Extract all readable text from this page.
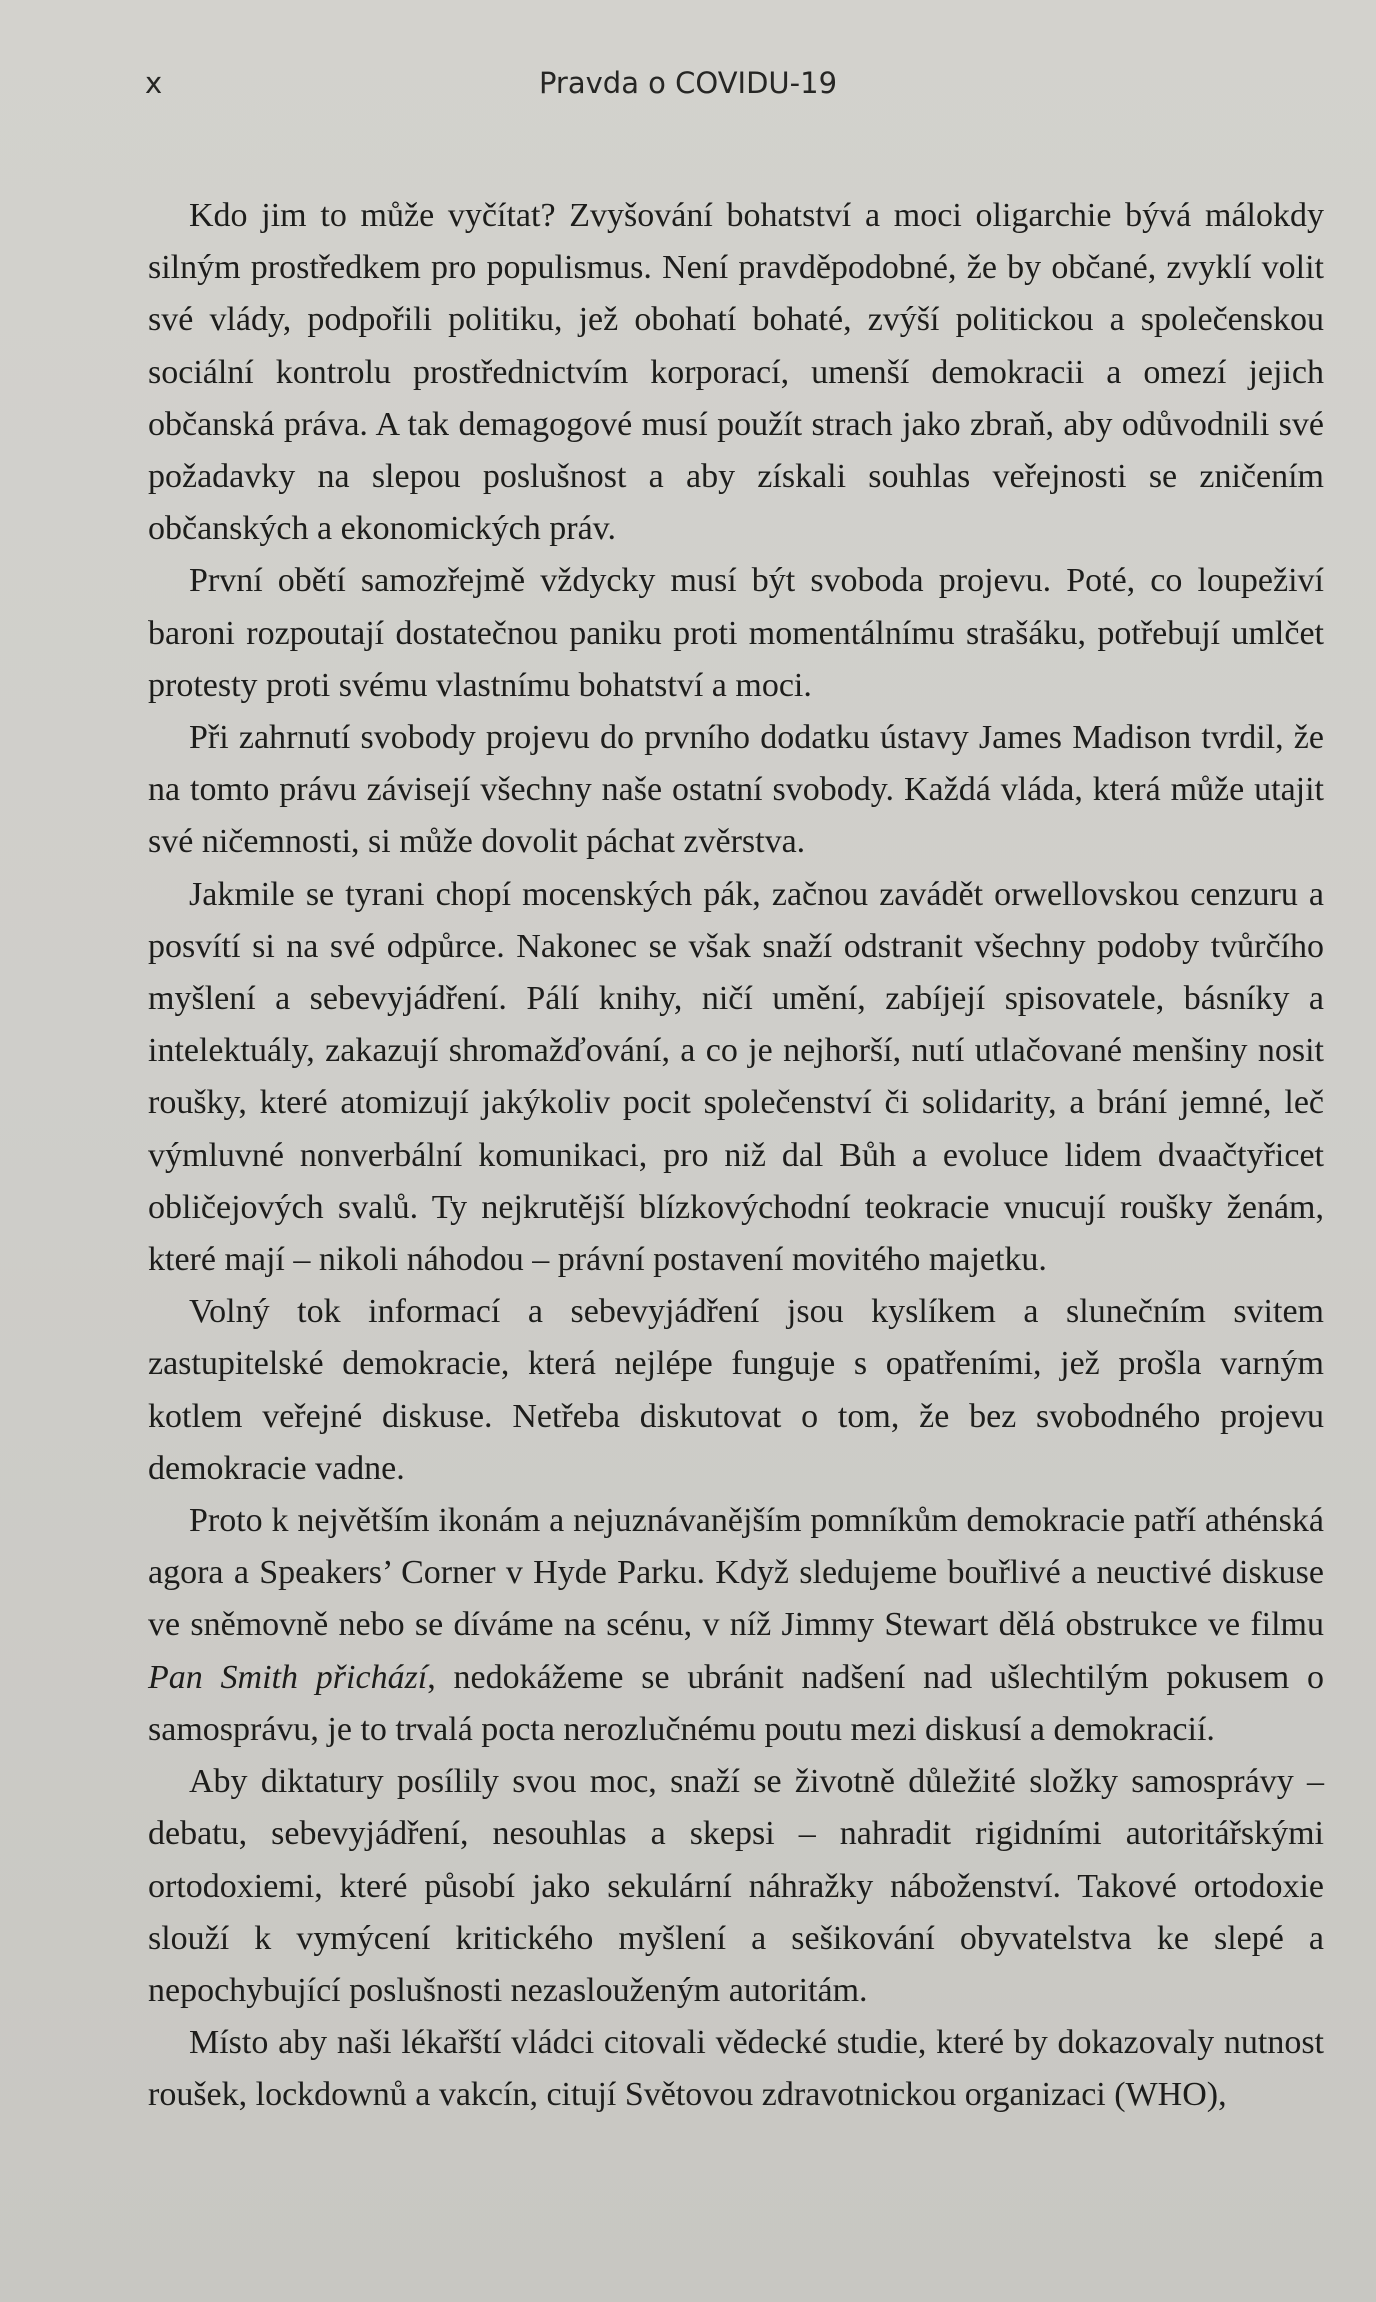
x	Pravda o COVIDU-19

Kdo jim to může vyčítat? Zvyšování bohatství a moci oligarchie bývá málokdy silným prostředkem pro populismus. Není pravděpodobné, že by občané, zvyklí volit své vlády, podpořili politiku, jež obohatí bohaté, zvýší politickou a společenskou sociální kontrolu prostřednictvím korporací, umenší demokracii a omezí jejich občanská práva. A tak demagogové musí použít strach jako zbraň, aby odůvodnili své požadavky na slepou poslušnost a aby získali souhlas veřejnosti se zničením občanských a ekonomických práv.

První obětí samozřejmě vždycky musí být svoboda projevu. Poté, co loupeživí baroni rozpoutají dostatečnou paniku proti momentálnímu strašáku, potřebují umlčet protesty proti svému vlastnímu bohatství a moci.

Při zahrnutí svobody projevu do prvního dodatku ústavy James Madison tvrdil, že na tomto právu závisejí všechny naše ostatní svobody. Každá vláda, která může utajit své ničemnosti, si může dovolit páchat zvěrstva.

Jakmile se tyrani chopí mocenských pák, začnou zavádět orwellovskou cenzuru a posvítí si na své odpůrce. Nakonec se však snaží odstranit všechny podoby tvůrčího myšlení a sebevyjádření. Pálí knihy, ničí umění, zabíjejí spisovatele, básníky a intelektuály, zakazují shromažďování, a co je nejhorší, nutí utlačované menšiny nosit roušky, které atomizují jakýkoliv pocit společenství či solidarity, a brání jemné, leč výmluvné nonverbální komunikaci, pro niž dal Bůh a evoluce lidem dvaačtyřicet obličejových svalů. Ty nejkrutější blízkovýchodní teokracie vnucují roušky ženám, které mají – nikoli náhodou – právní postavení movitého majetku.

Volný tok informací a sebevyjádření jsou kyslíkem a slunečním svitem zastupitelské demokracie, která nejlépe funguje s opatřeními, jež prošla varným kotlem veřejné diskuse. Netřeba diskutovat o tom, že bez svobodného projevu demokracie vadne.

Proto k největším ikonám a nejuznávanějším pomníkům demokracie patří athénská agora a Speakers’ Corner v Hyde Parku. Když sledujeme bouřlivé a neuctivé diskuse ve sněmovně nebo se díváme na scénu, v níž Jimmy Stewart dělá obstrukce ve filmu Pan Smith přichází, nedokážeme se ubránit nadšení nad ušlechtilým pokusem o samosprávu, je to trvalá pocta nerozlučnému poutu mezi diskusí a demokracií.

Aby diktatury posílily svou moc, snaží se životně důležité složky samosprávy – debatu, sebevyjádření, nesouhlas a skepsi – nahradit rigidními autoritářskými ortodoxiemi, které působí jako sekulární náhražky náboženství. Takové ortodoxie slouží k vymýcení kritického myšlení a sešikování obyvatelstva ke slepé a nepochybující poslušnosti nezaslouženým autoritám.

Místo aby naši lékařští vládci citovali vědecké studie, které by dokazovaly nutnost roušek, lockdownů a vakcín, citují Světovou zdravotnickou organizaci (WHO),
